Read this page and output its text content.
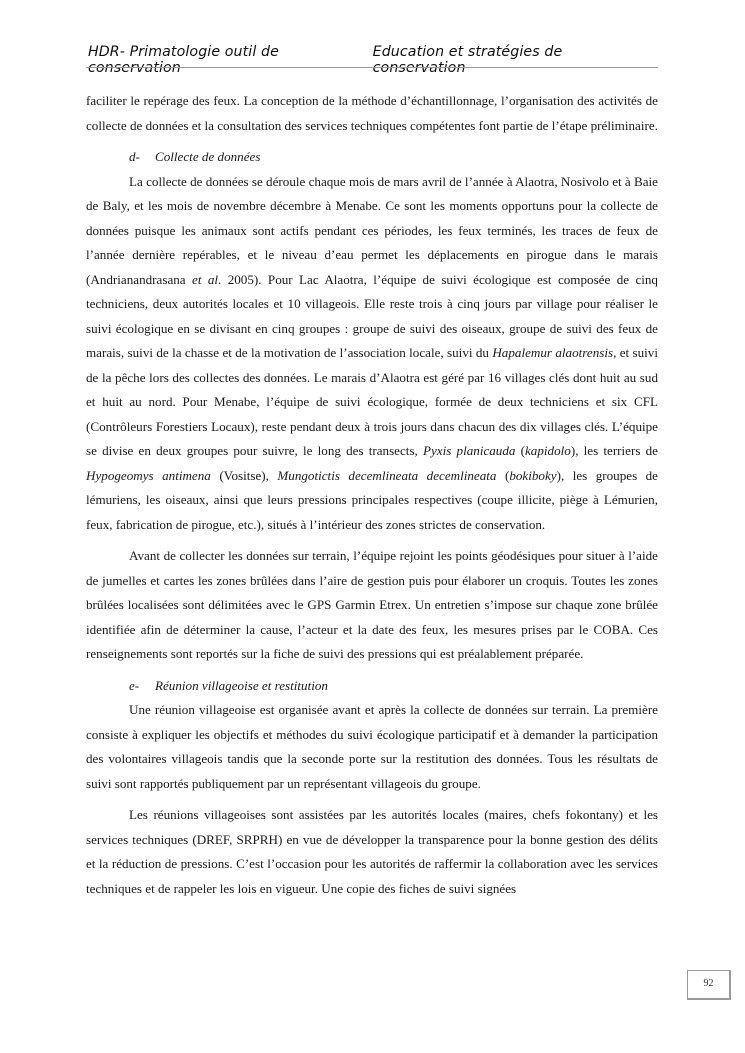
HDR- Primatologie outil de conservation
Education et stratégies de conservation

faciliter le repérage des feux. La conception de la méthode d’échantillonnage, l’organisation des activités de collecte de données et la consultation des services techniques compétentes font partie de l’étape préliminaire.

d- Collecte de données

La collecte de données se déroule chaque mois de mars avril de l’année à Alaotra, Nosivolo et à Baie de Baly, et les mois de novembre décembre à Menabe. Ce sont les moments opportuns pour la collecte de données puisque les animaux sont actifs pendant ces périodes, les feux terminés, les traces de feux de l’année dernière repérables, et le niveau d’eau permet les déplacements en pirogue dans le marais (Andrianandrasana et al. 2005). Pour Lac Alaotra, l’équipe de suivi écologique est composée de cinq techniciens, deux autorités locales et 10 villageois. Elle reste trois à cinq jours par village pour réaliser le suivi écologique en se divisant en cinq groupes : groupe de suivi des oiseaux, groupe de suivi des feux de marais, suivi de la chasse et de la motivation de l’association locale, suivi du Hapalemur alaotrensis, et suivi de la pêche lors des collectes des données. Le marais d’Alaotra est géré par 16 villages clés dont huit au sud et huit au nord. Pour Menabe, l’équipe de suivi écologique, formée de deux techniciens et six CFL (Contrôleurs Forestiers Locaux), reste pendant deux à trois jours dans chacun des dix villages clés. L’équipe se divise en deux groupes pour suivre, le long des transects, Pyxis planicauda (kapidolo), les terriers de Hypogeomys antimena (Vositse), Mungotictis decemlineata decemlineata (bokiboky), les groupes de lémuriens, les oiseaux, ainsi que leurs pressions principales respectives (coupe illicite, piège à Lémurien, feux, fabrication de pirogue, etc.), situés à l’intérieur des zones strictes de conservation.

Avant de collecter les données sur terrain, l’équipe rejoint les points géodésiques pour situer à l’aide de jumelles et cartes les zones brûlées dans l’aire de gestion puis pour élaborer un croquis. Toutes les zones brûlées localisées sont délimitées avec le GPS Garmin Etrex. Un entretien s’impose sur chaque zone brûlée identifiée afin de déterminer la cause, l’acteur et la date des feux, les mesures prises par le COBA. Ces renseignements sont reportés sur la fiche de suivi des pressions qui est préalablement préparée.

e- Réunion villageoise et restitution

Une réunion villageoise est organisée avant et après la collecte de données sur terrain. La première consiste à expliquer les objectifs et méthodes du suivi écologique participatif et à demander la participation des volontaires villageois tandis que la seconde porte sur la restitution des données. Tous les résultats de suivi sont rapportés publiquement par un représentant villageois du groupe.

Les réunions villageoises sont assistées par les autorités locales (maires, chefs fokontany) et les services techniques (DREF, SRPRH) en vue de développer la transparence pour la bonne gestion des délits et la réduction de pressions. C’est l’occasion pour les autorités de raffermir la collaboration avec les services techniques et de rappeler les lois en vigueur. Une copie des fiches de suivi signées

92
